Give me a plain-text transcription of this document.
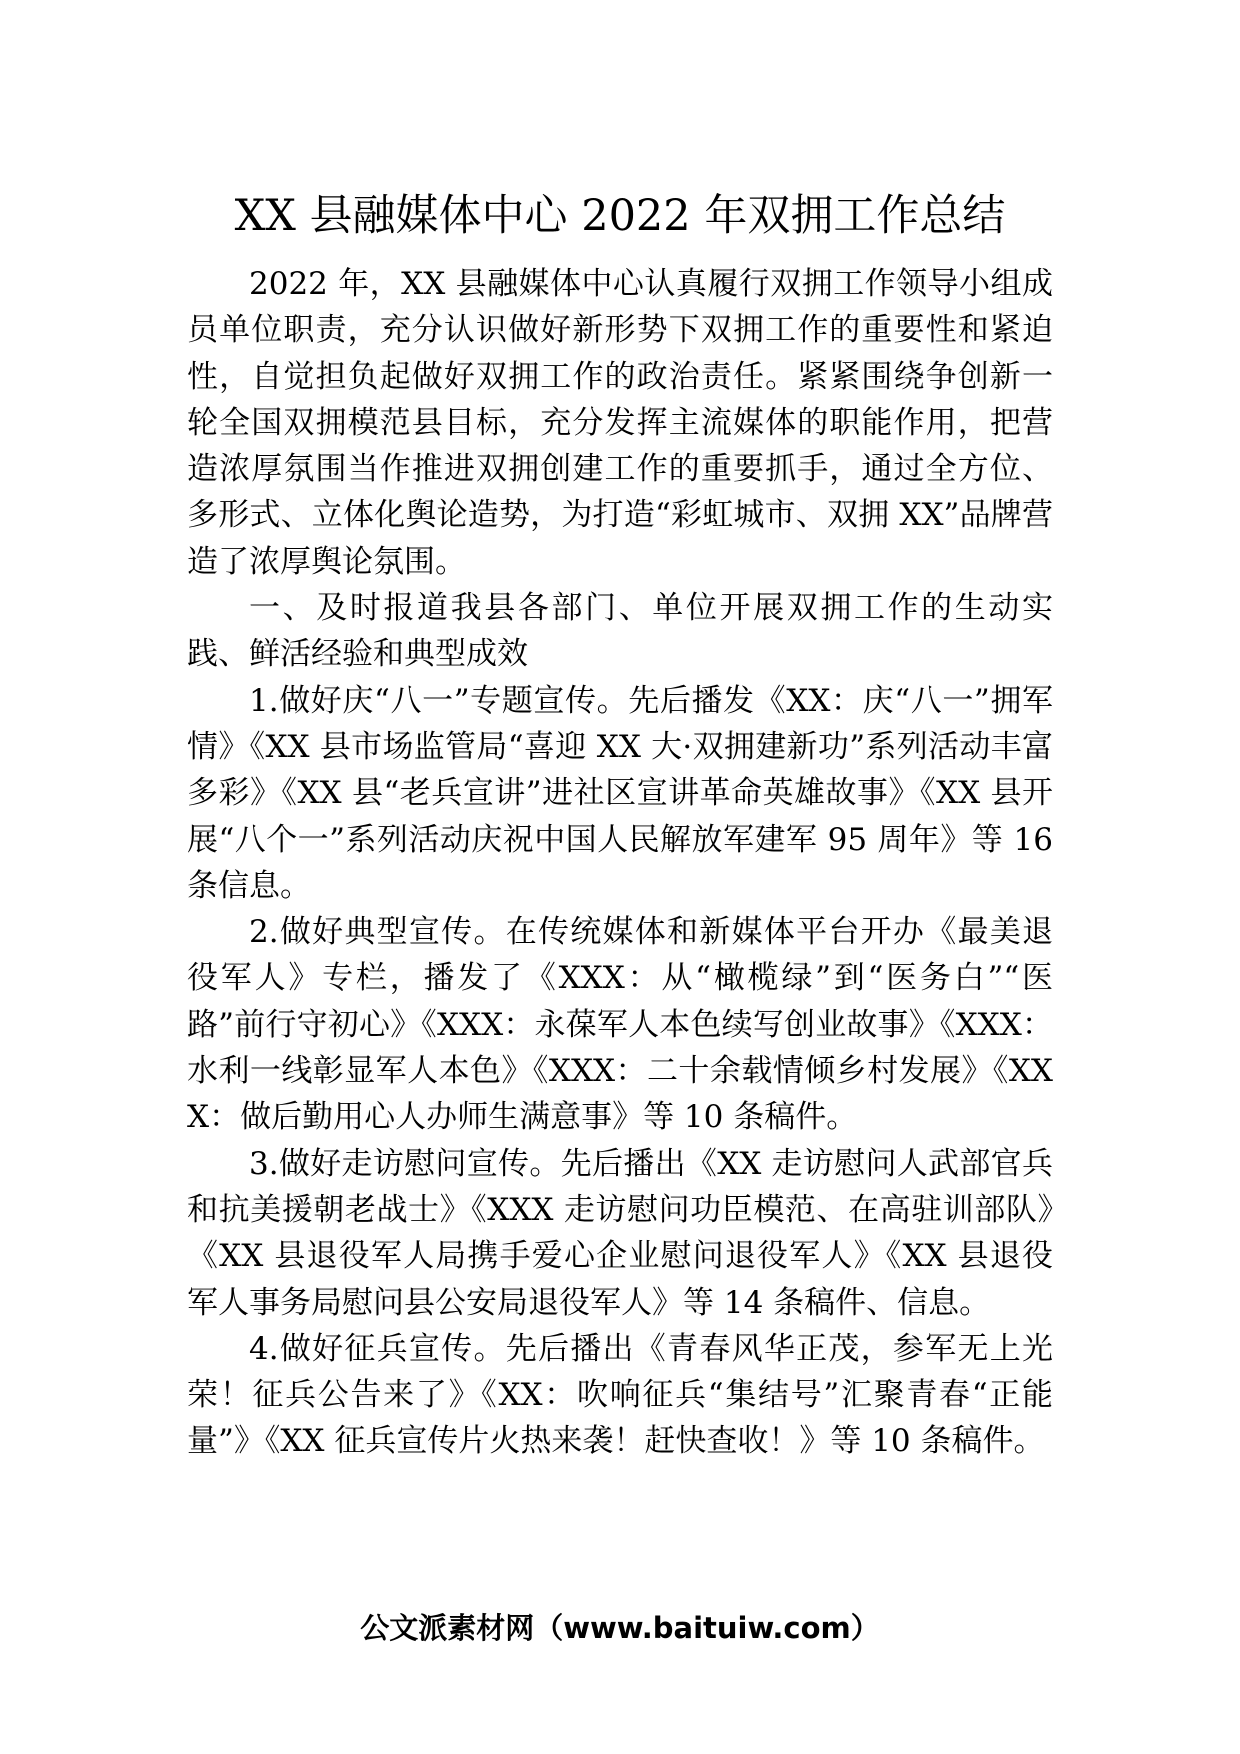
XX 县融媒体中心 2022 年双拥工作总结

2022 年，XX 县融媒体中心认真履行双拥工作领导小组成员单位职责，充分认识做好新形势下双拥工作的重要性和紧迫性，自觉担负起做好双拥工作的政治责任。紧紧围绕争创新一轮全国双拥模范县目标，充分发挥主流媒体的职能作用，把营造浓厚氛围当作推进双拥创建工作的重要抓手，通过全方位、多形式、立体化舆论造势，为打造“彩虹城市、双拥 XX”品牌营造了浓厚舆论氛围。

一、及时报道我县各部门、单位开展双拥工作的生动实践、鲜活经验和典型成效

1.做好庆“八一”专题宣传。先后播发《XX：庆“八一”拥军情》《XX 县市场监管局“喜迎 XX 大·双拥建新功”系列活动丰富多彩》《XX 县“老兵宣讲”进社区宣讲革命英雄故事》《XX 县开展“八个一”系列活动庆祝中国人民解放军建军 95 周年》等 16 条信息。

2.做好典型宣传。在传统媒体和新媒体平台开办《最美退役军人》专栏，播发了《XXX：从“橄榄绿”到“医务白”“医路”前行守初心》《XXX：永葆军人本色续写创业故事》《XXX：水利一线彰显军人本色》《XXX：二十余载情倾乡村发展》《XXX：做后勤用心人办师生满意事》等 10 条稿件。

3.做好走访慰问宣传。先后播出《XX 走访慰问人武部官兵和抗美援朝老战士》《XXX 走访慰问功臣模范、在高驻训部队》《XX 县退役军人局携手爱心企业慰问退役军人》《XX 县退役军人事务局慰问县公安局退役军人》等 14 条稿件、信息。

4.做好征兵宣传。先后播出《青春风华正茂，参军无上光荣！征兵公告来了》《XX：吹响征兵“集结号”汇聚青春“正能量”》《XX 征兵宣传片火热来袭！赶快查收！》等 10 条稿件。

公文派素材网（www.baituiw.com）
